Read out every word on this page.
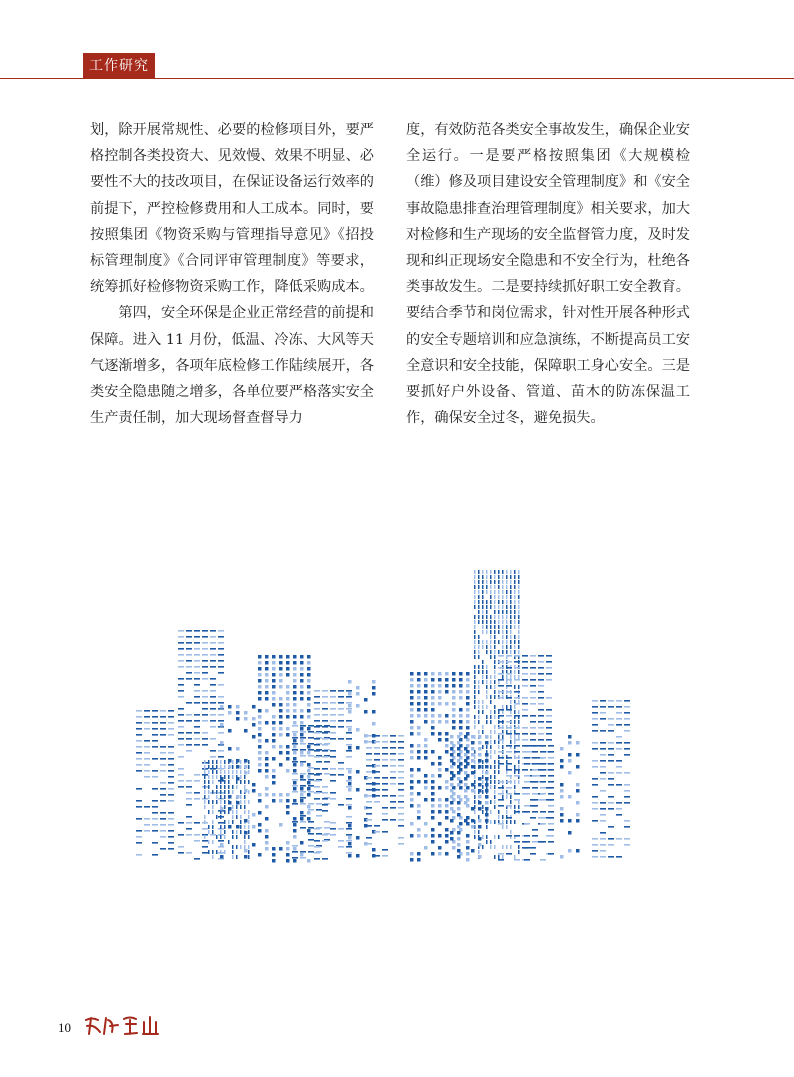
工作研究

划，除开展常规性、必要的检修项目外，要严格控制各类投资大、见效慢、效果不明显、必要性不大的技改项目，在保证设备运行效率的前提下，严控检修费用和人工成本。同时，要按照集团《物资采购与管理指导意见》《招投标管理制度》《合同评审管理制度》等要求，统筹抓好检修物资采购工作，降低采购成本。

第四，安全环保是企业正常经营的前提和保障。进入 11 月份，低温、冷冻、大风等天气逐渐增多，各项年底检修工作陆续展开，各类安全隐患随之增多，各单位要严格落实安全生产责任制，加大现场督查督导力

度，有效防范各类安全事故发生，确保企业安全运行。一是要严格按照集团《大规模检（维）修及项目建设安全管理制度》和《安全事故隐患排查治理管理制度》相关要求，加大对检修和生产现场的安全监督管力度，及时发现和纠正现场安全隐患和不安全行为，杜绝各类事故发生。二是要持续抓好职工安全教育。要结合季节和岗位需求，针对性开展各种形式的安全专题培训和应急演练，不断提高员工安全意识和安全技能，保障职工身心安全。三是要抓好户外设备、管道、苗木的防冻保温工作，确保安全过冬，避免损失。

10
